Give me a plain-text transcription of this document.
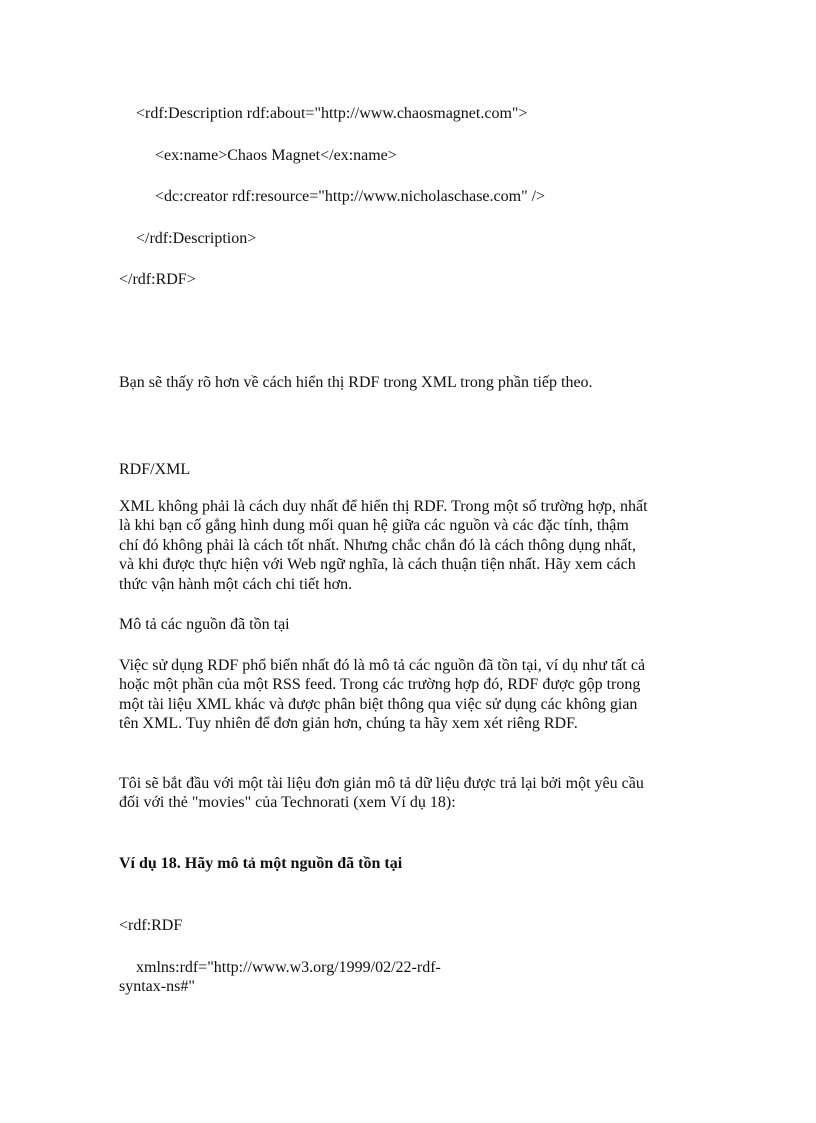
<rdf:Description rdf:about="http://www.chaosmagnet.com">

<ex:name>Chaos Magnet</ex:name>

<dc:creator rdf:resource="http://www.nicholaschase.com" />

</rdf:Description>

</rdf:RDF>

Bạn sẽ thấy rõ hơn về cách hiển thị RDF trong XML trong phần tiếp theo.

RDF/XML

XML không phải là cách duy nhất để hiển thị RDF. Trong một số trường hợp, nhất

là khi bạn cố gắng hình dung mối quan hệ giữa các nguồn và các đặc tính, thậm

chí đó không phải là cách tốt nhất. Nhưng chắc chắn đó là cách thông dụng nhất,

và khi được thực hiện với Web ngữ nghĩa, là cách thuận tiện nhất. Hãy xem cách

thức vận hành một cách chi tiết hơn.

Mô tả các nguồn đã tồn tại

Việc sử dụng RDF phổ biến nhất đó là mô tả các nguồn đã tồn tại, ví dụ như tất cả

hoặc một phần của một RSS feed. Trong các trường hợp đó, RDF được gộp trong

một tài liệu XML khác và được phân biệt thông qua việc sử dụng các không gian

tên XML. Tuy nhiên để đơn giản hơn, chúng ta hãy xem xét riêng RDF.

Tôi sẽ bắt đầu với một tài liệu đơn giản mô tả dữ liệu được trả lại bởi một yêu cầu

đối với thẻ "movies" của Technorati (xem Ví dụ 18):

Ví dụ 18. Hãy mô tả một nguồn đã tồn tại

<rdf:RDF

xmlns:rdf="http://www.w3.org/1999/02/22-rdf-

syntax-ns#"
